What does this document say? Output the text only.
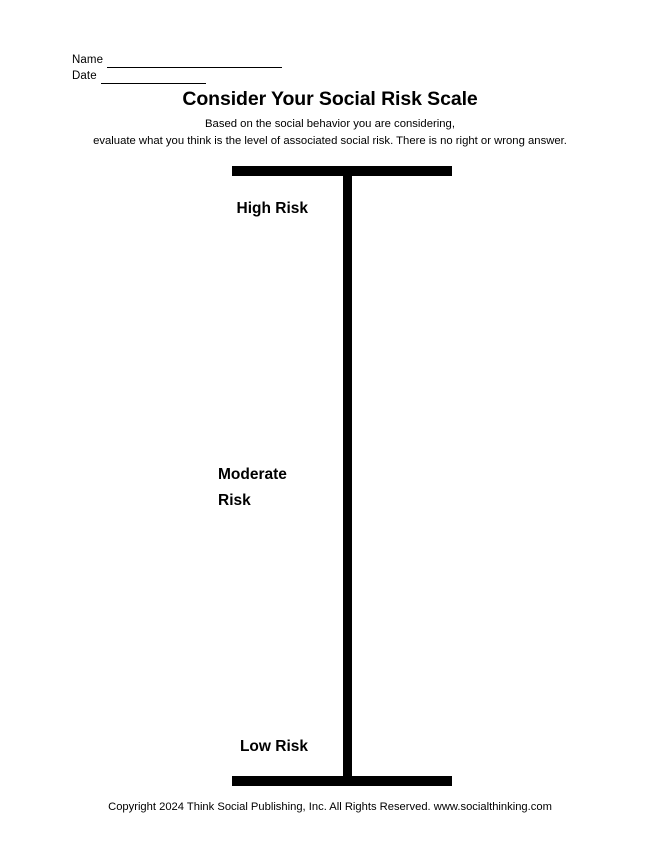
Name
Date
Consider Your Social Risk Scale
Based on the social behavior you are considering,
evaluate what you think is the level of associated social risk. There is no right or wrong answer.
High Risk
Moderate
Risk
Low Risk
Copyright 2024 Think Social Publishing, Inc. All Rights Reserved. www.socialthinking.com
